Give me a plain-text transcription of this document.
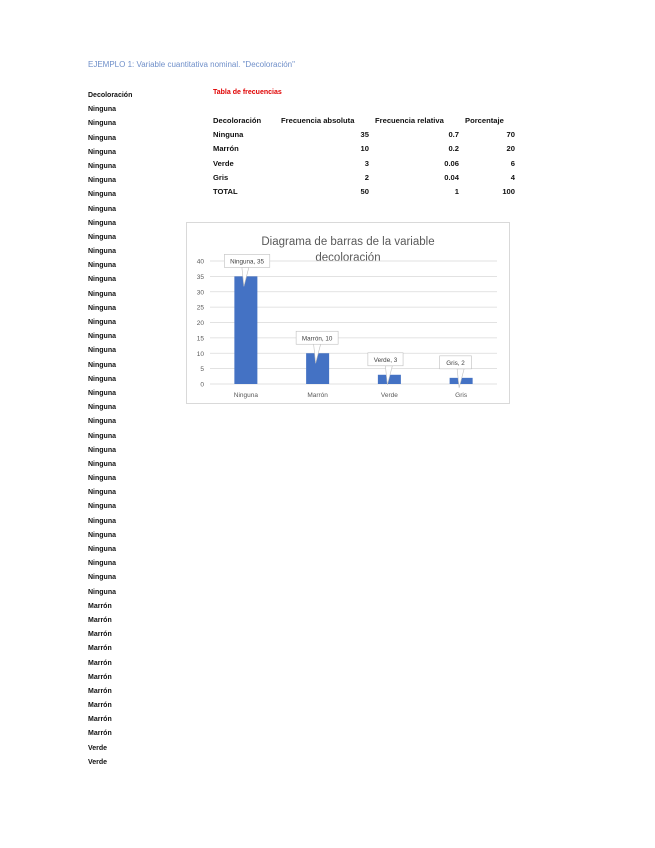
EJEMPLO 1: Variable cuantitativa nominal. "Decoloración"
Decoloración
Ninguna
Ninguna
Ninguna
Ninguna
Ninguna
Ninguna
Ninguna
Ninguna
Ninguna
Ninguna
Ninguna
Ninguna
Ninguna
Ninguna
Ninguna
Ninguna
Ninguna
Ninguna
Ninguna
Ninguna
Ninguna
Ninguna
Ninguna
Ninguna
Ninguna
Ninguna
Ninguna
Ninguna
Ninguna
Ninguna
Ninguna
Ninguna
Ninguna
Ninguna
Ninguna
Marrón
Marrón
Marrón
Marrón
Marrón
Marrón
Marrón
Marrón
Marrón
Marrón
Verde
Verde
Tabla de frecuencias
Decoloración	Frecuencia absoluta	Frecuencia relativa	Porcentaje
Ninguna	35	0.7	70
Marrón	10	0.2	20
Verde	3	0.06	6
Gris	2	0.04	4
TOTAL	50	1	100
Diagrama de barras de la variable
decoloración
0
5
10
15
20
25
30
35
40
Ninguna
Ninguna, 35
Marrón
Marrón, 10
Verde
Verde, 3
Gris
Gris, 2
